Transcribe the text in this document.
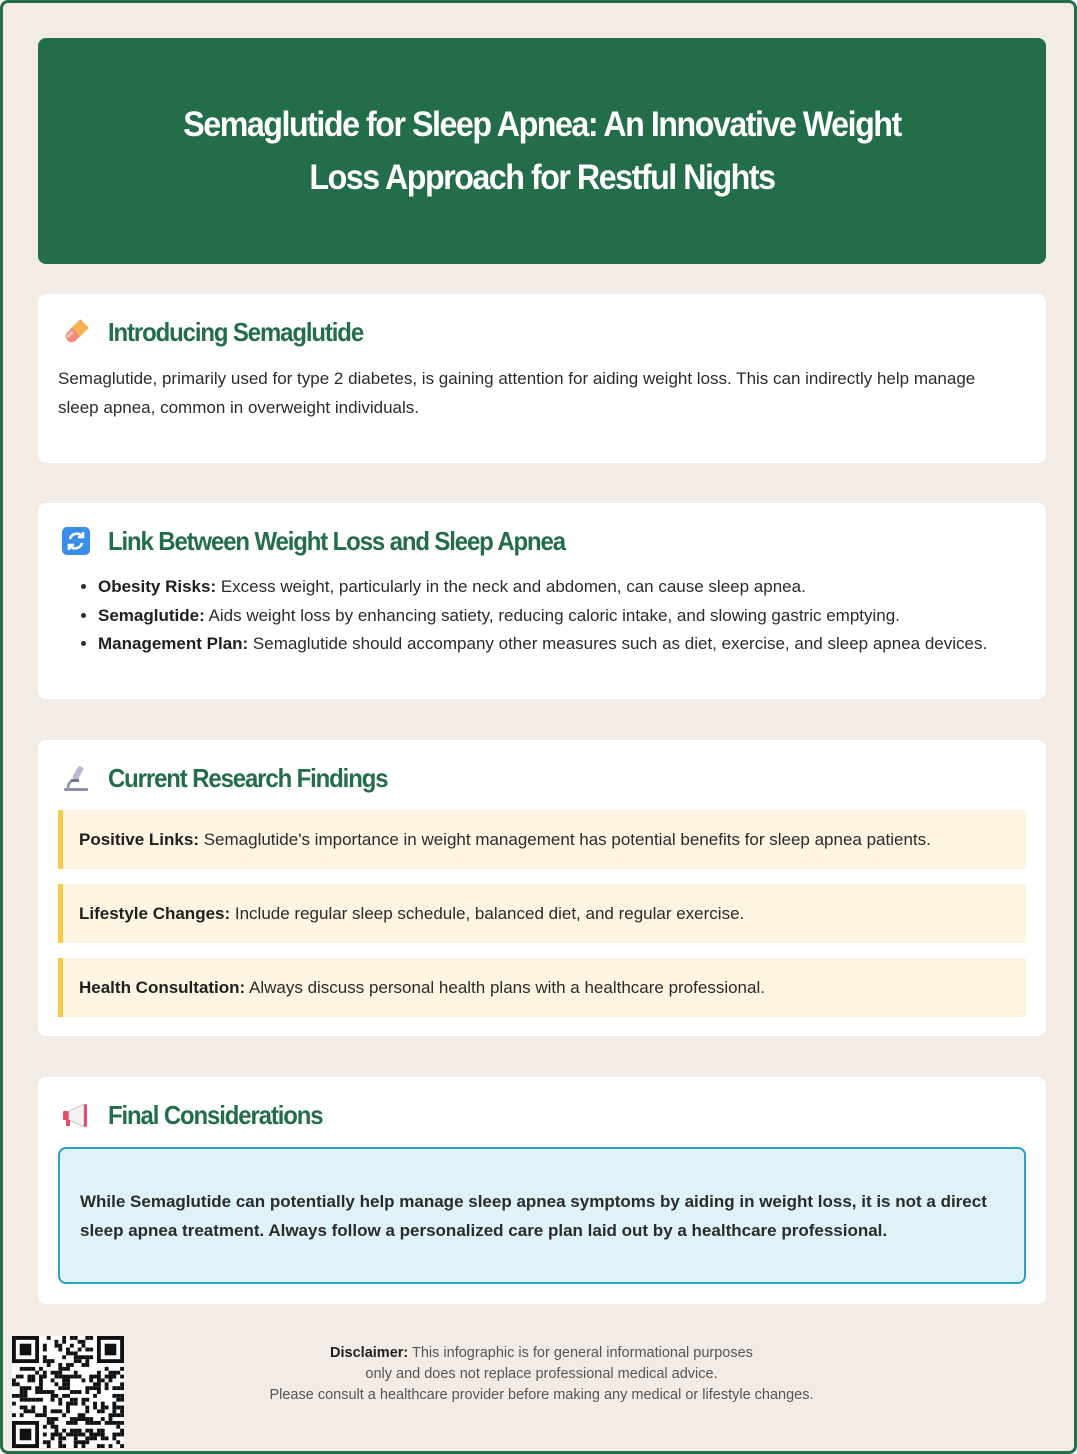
Semaglutide for Sleep Apnea: An Innovative Weight Loss Approach for Restful Nights
Introducing Semaglutide

Semaglutide, primarily used for type 2 diabetes, is gaining attention for aiding weight loss. This can indirectly help manage sleep apnea, common in overweight individuals.

Link Between Weight Loss and Sleep Apnea
• Obesity Risks: Excess weight, particularly in the neck and abdomen, can cause sleep apnea.
• Semaglutide: Aids weight loss by enhancing satiety, reducing caloric intake, and slowing gastric emptying.
• Management Plan: Semaglutide should accompany other measures such as diet, exercise, and sleep apnea devices.
Current Research Findings
Positive Links: Semaglutide's importance in weight management has potential benefits for sleep apnea patients.
Lifestyle Changes: Include regular sleep schedule, balanced diet, and regular exercise.
Health Consultation: Always discuss personal health plans with a healthcare professional.
Final Considerations
While Semaglutide can potentially help manage sleep apnea symptoms by aiding in weight loss, it is not a direct sleep apnea treatment. Always follow a personalized care plan laid out by a healthcare professional.
Disclaimer: This infographic is for general informational purposes
only and does not replace professional medical advice.
Please consult a healthcare provider before making any medical or lifestyle changes.
